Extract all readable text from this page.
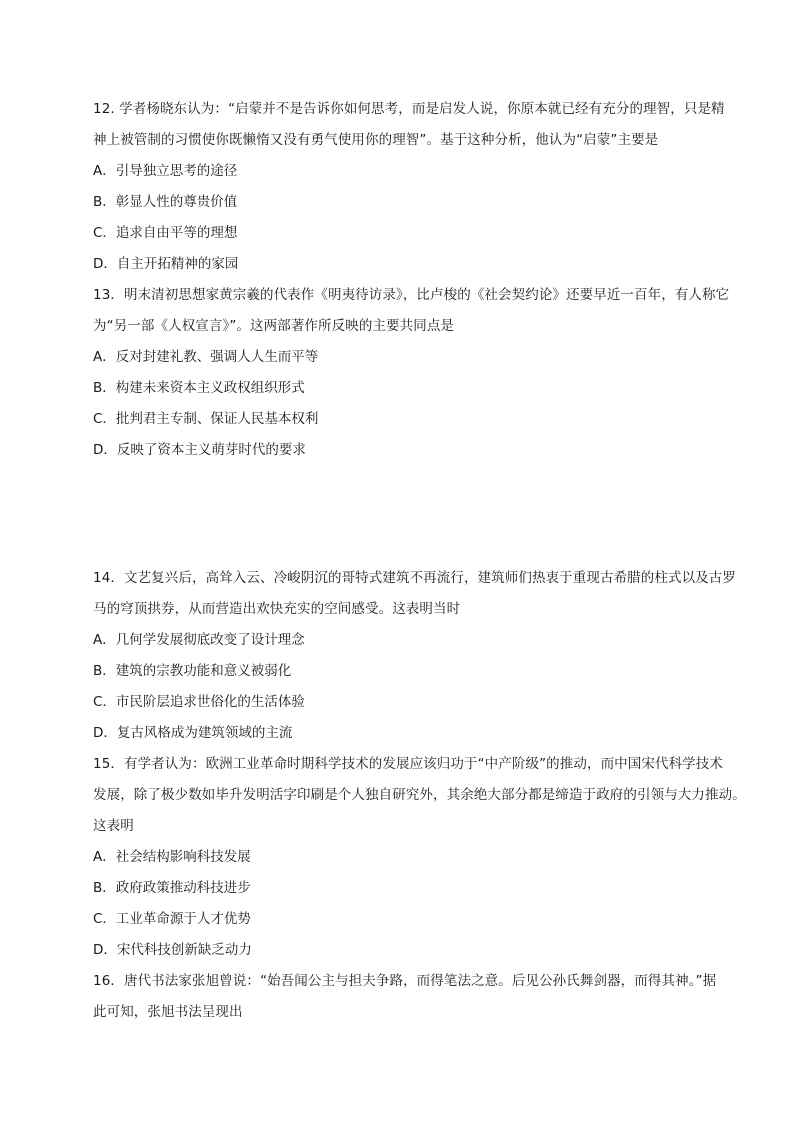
12. 学者杨晓东认为：“启蒙并不是告诉你如何思考，而是启发人说，你原本就已经有充分的理智，只是精
神上被管制的习惯使你既懒惰又没有勇气使用你的理智”。基于这种分析，他认为“启蒙”主要是
A．引导独立思考的途径
B．彰显人性的尊贵价值
C．追求自由平等的理想
D．自主开拓精神的家园
13．明末清初思想家黄宗羲的代表作《明夷待访录》，比卢梭的《社会契约论》还要早近一百年，有人称它
为“另一部《人权宣言》”。这两部著作所反映的主要共同点是
A．反对封建礼教、强调人人生而平等
B．构建未来资本主义政权组织形式
C．批判君主专制、保证人民基本权利
D．反映了资本主义萌芽时代的要求
14．文艺复兴后，高耸入云、冷峻阴沉的哥特式建筑不再流行，建筑师们热衷于重现古希腊的柱式以及古罗
马的穹顶拱券，从而营造出欢快充实的空间感受。这表明当时
A．几何学发展彻底改变了设计理念
B．建筑的宗教功能和意义被弱化
C．市民阶层追求世俗化的生活体验
D．复古风格成为建筑领域的主流
15．有学者认为：欧洲工业革命时期科学技术的发展应该归功于“中产阶级”的推动，而中国宋代科学技术
发展，除了极少数如毕升发明活字印刷是个人独自研究外，其余绝大部分都是缔造于政府的引领与大力推动。
这表明
A．社会结构影响科技发展
B．政府政策推动科技进步
C．工业革命源于人才优势
D．宋代科技创新缺乏动力
16．唐代书法家张旭曾说：“始吾闻公主与担夫争路，而得笔法之意。后见公孙氏舞剑器，而得其神。”据
此可知，张旭书法呈现出
